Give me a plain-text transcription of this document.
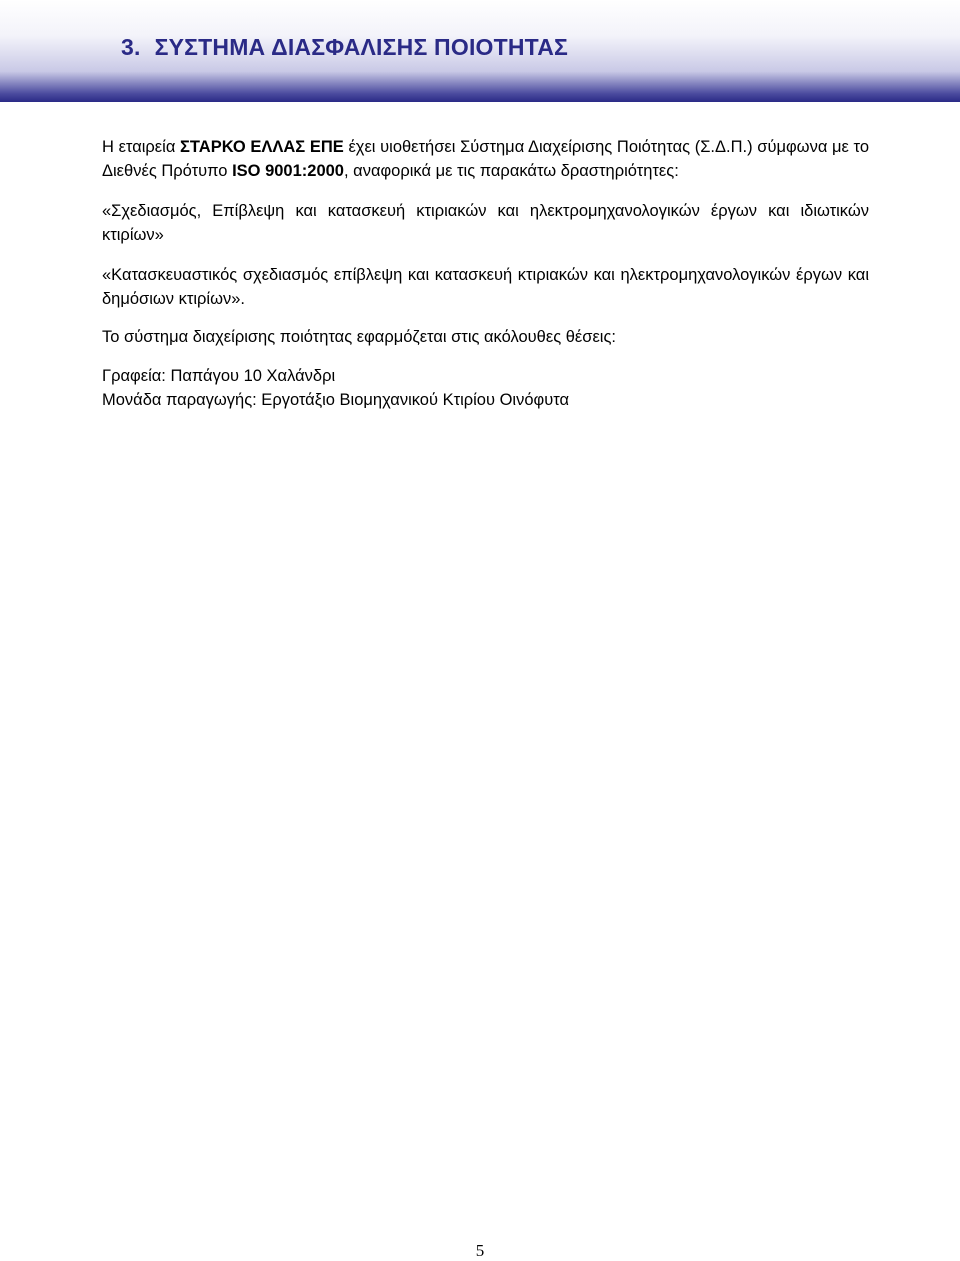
3. ΣΥΣΤΗΜΑ ΔΙΑΣΦΑΛΙΣΗΣ ΠΟΙΟΤΗΤΑΣ

Η εταιρεία ΣΤΑΡΚΟ ΕΛΛΑΣ ΕΠΕ έχει υιοθετήσει Σύστημα Διαχείρισης Ποιότητας (Σ.Δ.Π.) σύμφωνα με το Διεθνές Πρότυπο ISO 9001:2000, αναφορικά με τις παρακάτω δραστηριότητες:

«Σχεδιασμός, Επίβλεψη και κατασκευή κτιριακών και ηλεκτρομηχανολογικών έργων και ιδιωτικών κτιρίων»

«Κατασκευαστικός σχεδιασμός επίβλεψη και κατασκευή κτιριακών και ηλεκτρομηχανολογικών έργων και δημόσιων κτιρίων».

Το σύστημα διαχείρισης ποιότητας εφαρμόζεται στις ακόλουθες θέσεις:

Γραφεία: Παπάγου 10 Χαλάνδρι

Μονάδα παραγωγής: Εργοτάξιο Βιομηχανικού Κτιρίου Οινόφυτα

5
